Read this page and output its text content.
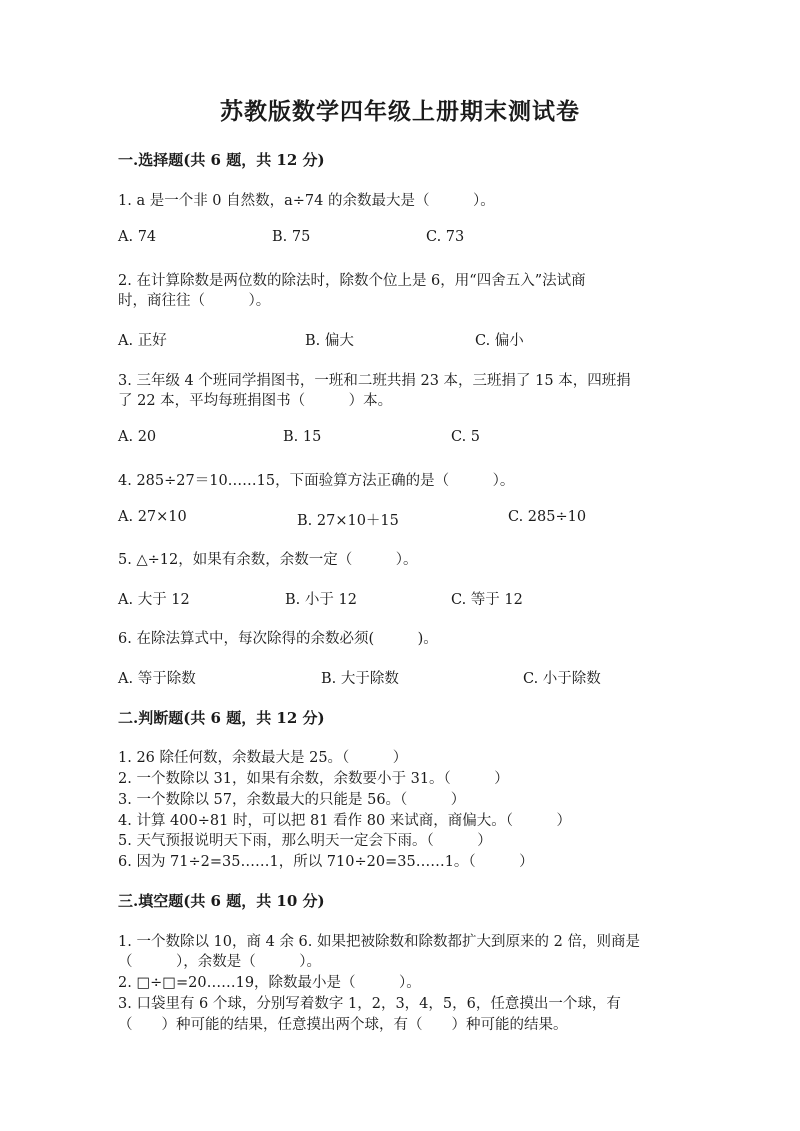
苏教版数学四年级上册期末测试卷
一.选择题(共 6 题，共 12 分)
1. a 是一个非 0 自然数，a÷74 的余数最大是（　　　）。
A. 74	B. 75	C. 73
2. 在计算除数是两位数的除法时，除数个位上是 6，用“四舍五入”法试商
时，商往往（　　　）。
A. 正好	B. 偏大	C. 偏小
3. 三年级 4 个班同学捐图书，一班和二班共捐 23 本，三班捐了 15 本，四班捐
了 22 本，平均每班捐图书（　　　）本。
A. 20	B. 15	C. 5
4. 285÷27＝10……15，下面验算方法正确的是（　　　）。
A. 27×10	B. 27×10＋15	C. 285÷10
5. △÷12，如果有余数，余数一定（　　　）。
A. 大于 12	B. 小于 12	C. 等于 12
6. 在除法算式中，每次除得的余数必须(　　　)。
A. 等于除数	B. 大于除数	C. 小于除数
二.判断题(共 6 题，共 12 分)
1. 26 除任何数，余数最大是 25。（　　　）
2. 一个数除以 31，如果有余数，余数要小于 31。（　　　）
3. 一个数除以 57，余数最大的只能是 56。（　　　）
4. 计算 400÷81 时，可以把 81 看作 80 来试商，商偏大。（　　　）
5. 天气预报说明天下雨，那么明天一定会下雨。（　　　）
6. 因为 71÷2=35……1，所以 710÷20=35……1。（　　　）
三.填空题(共 6 题，共 10 分)
1. 一个数除以 10，商 4 余 6. 如果把被除数和除数都扩大到原来的 2 倍，则商是
（　　　），余数是（　　　）。
2. □÷□=20……19，除数最小是（　　　）。
3. 口袋里有 6 个球，分别写着数字 1，2，3，4，5，6，任意摸出一个球，有
（　　）种可能的结果，任意摸出两个球，有（　　）种可能的结果。
